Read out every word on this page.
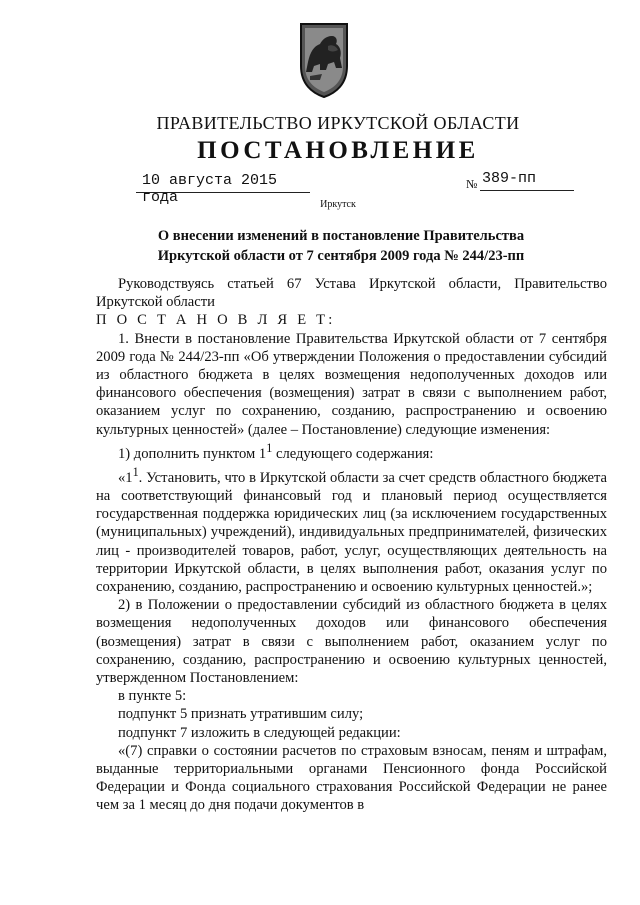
ПРАВИТЕЛЬСТВО ИРКУТСКОЙ ОБЛАСТИ
ПОСТАНОВЛЕНИЕ
10 августа 2015 года
№ 389-пп
Иркутск
О внесении изменений в постановление Правительства
Иркутской области от 7 сентября 2009 года № 244/23-пп

Руководствуясь статьей 67 Устава Иркутской области, Правительство Иркутской области

П О С Т А Н О В Л Я Е Т:

1. Внести в постановление Правительства Иркутской области от 7 сентября 2009 года № 244/23-пп «Об утверждении Положения о предоставлении субсидий из областного бюджета в целях возмещения недополученных доходов или финансового обеспечения (возмещения) затрат в связи с выполнением работ, оказанием услуг по сохранению, созданию, распространению и освоению культурных ценностей» (далее – Постановление) следующие изменения:

1) дополнить пунктом $1^1$ следующего содержания:

«$1^1$. Установить, что в Иркутской области за счет средств областного бюджета на соответствующий финансовый год и плановый период осуществляется государственная поддержка юридических лиц (за исключением государственных (муниципальных) учреждений), индивидуальных предпринимателей, физических лиц - производителей товаров, работ, услуг, осуществляющих деятельность на территории Иркутской области, в целях выполнения работ, оказания услуг по сохранению, созданию, распространению и освоению культурных ценностей.»;

2) в Положении о предоставлении субсидий из областного бюджета в целях возмещения недополученных доходов или финансового обеспечения (возмещения) затрат в связи с выполнением работ, оказанием услуг по сохранению, созданию, распространению и освоению культурных ценностей, утвержденном Постановлением:

в пункте 5:

подпункт 5 признать утратившим силу;

подпункт 7 изложить в следующей редакции:

«(7) справки о состоянии расчетов по страховым взносам, пеням и штрафам, выданные территориальными органами Пенсионного фонда Российской Федерации и Фонда социального страхования Российской Федерации не ранее чем за 1 месяц до дня подачи документов в
